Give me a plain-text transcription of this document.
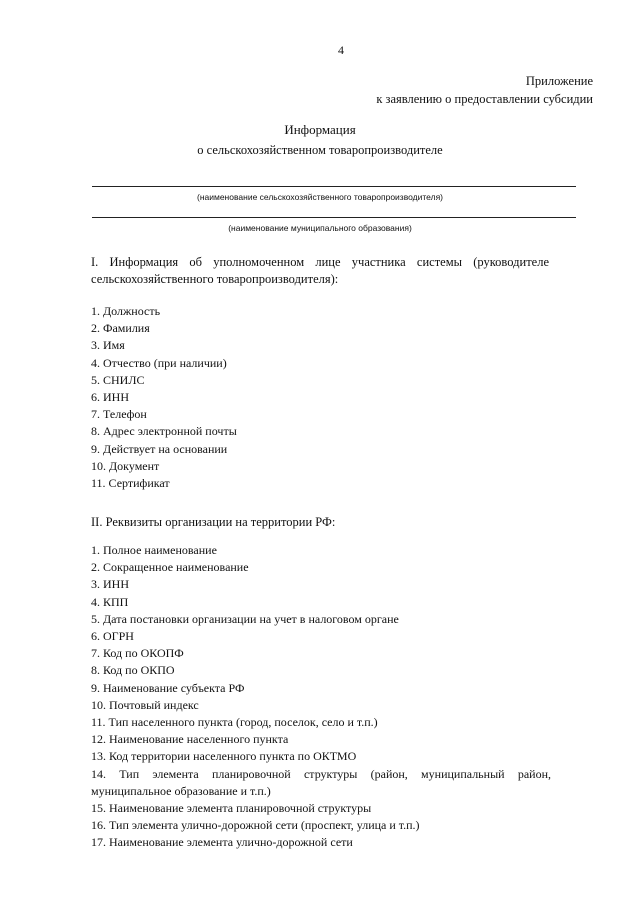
4
Приложение
к заявлению о предоставлении субсидии
Информация
о сельскохозяйственном товаропроизводителе
(наименование сельскохозяйственного товаропроизводителя)
(наименование муниципального образования)
I. Информация об уполномоченном лице участника системы (руководителе сельскохозяйственного товаропроизводителя):
1. Должность
2. Фамилия
3. Имя
4. Отчество (при наличии)
5. СНИЛС
6. ИНН
7. Телефон
8. Адрес электронной почты
9. Действует на основании
10. Документ
11. Сертификат
II. Реквизиты организации на территории РФ:
1. Полное наименование
2. Сокращенное наименование
3. ИНН
4. КПП
5. Дата постановки организации на учет в налоговом органе
6. ОГРН
7. Код по ОКОПФ
8. Код по ОКПО
9. Наименование субъекта РФ
10. Почтовый индекс
11. Тип населенного пункта (город, поселок, село и т.п.)
12. Наименование населенного пункта
13. Код территории населенного пункта по ОКТМО
14. Тип элемента планировочной структуры (район, муниципальный район, муниципальное образование и т.п.)
15. Наименование элемента планировочной структуры
16. Тип элемента улично-дорожной сети (проспект, улица и т.п.)
17. Наименование элемента улично-дорожной сети
